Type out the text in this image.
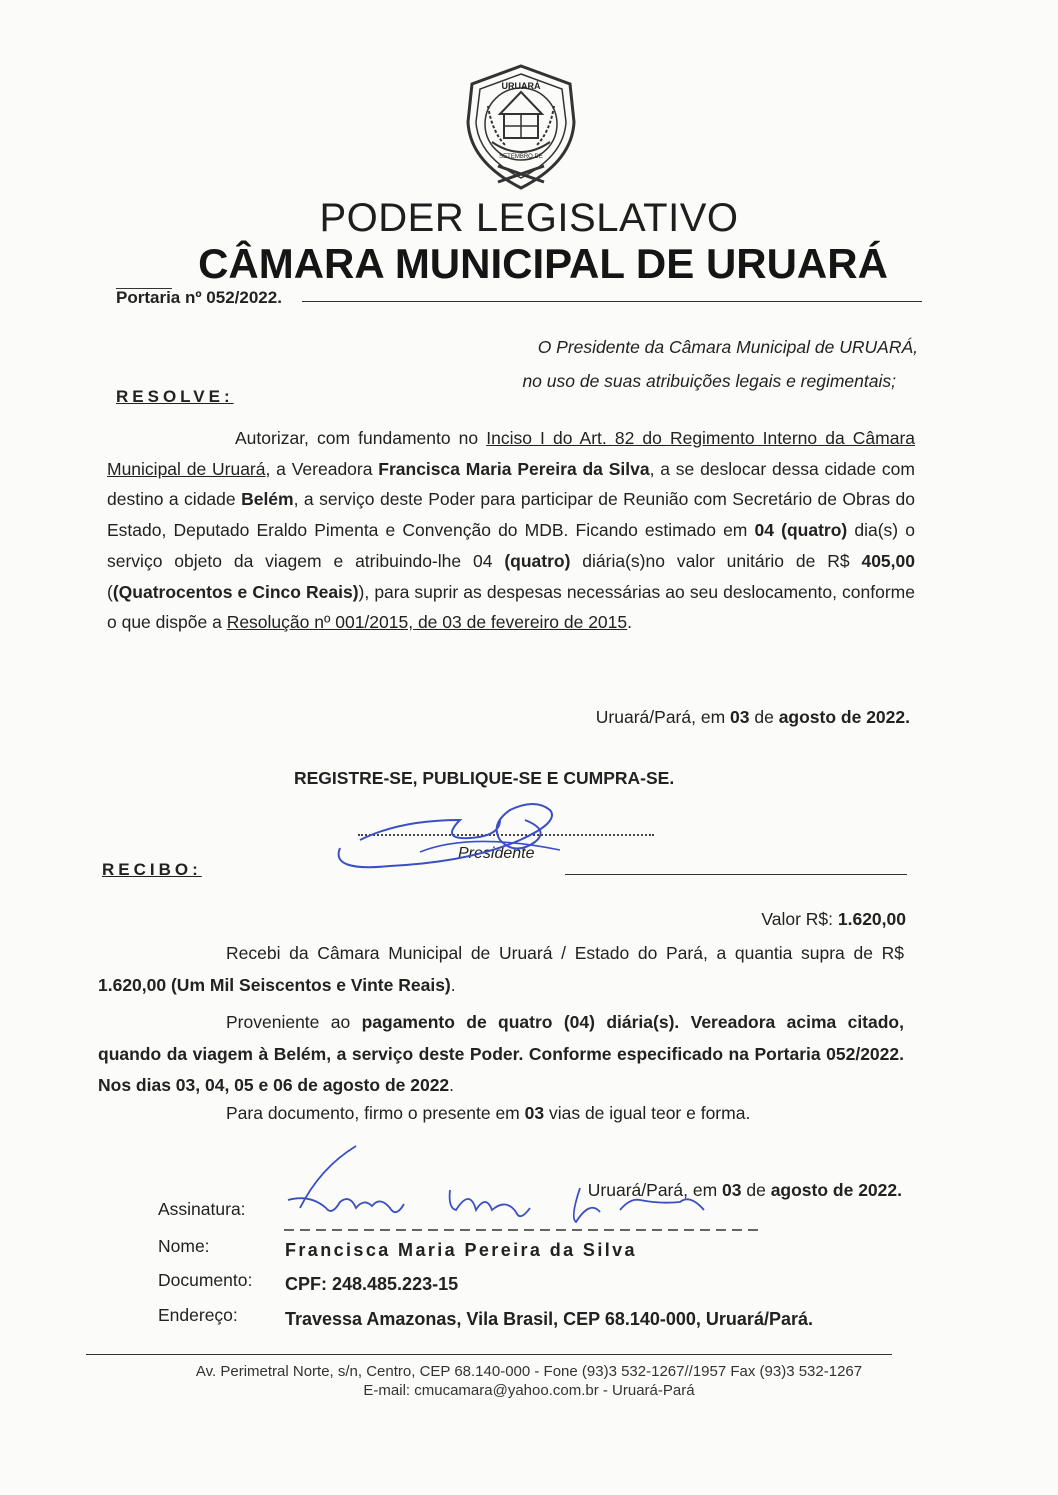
URUARÁ
SETEMBRO DE
PODER LEGISLATIVO
CÂMARA MUNICIPAL DE URUARÁ
Portaria nº 052/2022.
O Presidente da Câmara Municipal de URUARÁ,
no uso de suas atribuições legais e regimentais;
RESOLVE:
Autorizar, com fundamento no Inciso I do Art. 82 do Regimento Interno da Câmara Municipal de Uruará, a Vereadora Francisca Maria Pereira da Silva, a se deslocar dessa cidade com destino a cidade Belém, a serviço deste Poder para participar de Reunião com Secretário de Obras do Estado, Deputado Eraldo Pimenta e Convenção do MDB. Ficando estimado em 04 (quatro) dia(s) o serviço objeto da viagem e atribuindo-lhe 04 (quatro) diária(s)no valor unitário de R$ 405,00 ((Quatrocentos e Cinco Reais)), para suprir as despesas necessárias ao seu deslocamento, conforme o que dispõe a Resolução nº 001/2015, de 03 de fevereiro de 2015.
Uruará/Pará, em 03 de agosto de 2022.
REGISTRE-SE, PUBLIQUE-SE E CUMPRA-SE.
Presidente
RECIBO:
Valor R$: 1.620,00
Recebi da Câmara Municipal de Uruará / Estado do Pará, a quantia supra de R$ 1.620,00 (Um Mil Seiscentos e Vinte Reais).
Proveniente ao pagamento de quatro (04) diária(s). Vereadora acima citado, quando da viagem à Belém, a serviço deste Poder. Conforme especificado na Portaria 052/2022. Nos dias 03, 04, 05 e 06 de agosto de 2022.
Para documento, firmo o presente em 03 vias de igual teor e forma.
Uruará/Pará, em 03 de agosto de 2022.
Assinatura:
Nome:	Francisca Maria Pereira da Silva
Documento: CPF: 248.485.223-15
Endereço:	Travessa Amazonas, Vila Brasil, CEP 68.140-000, Uruará/Pará.
Av. Perimetral Norte, s/n, Centro, CEP 68.140-000 - Fone (93)3 532-1267//1957 Fax (93)3 532-1267
E-mail: cmucamara@yahoo.com.br - Uruará-Pará
